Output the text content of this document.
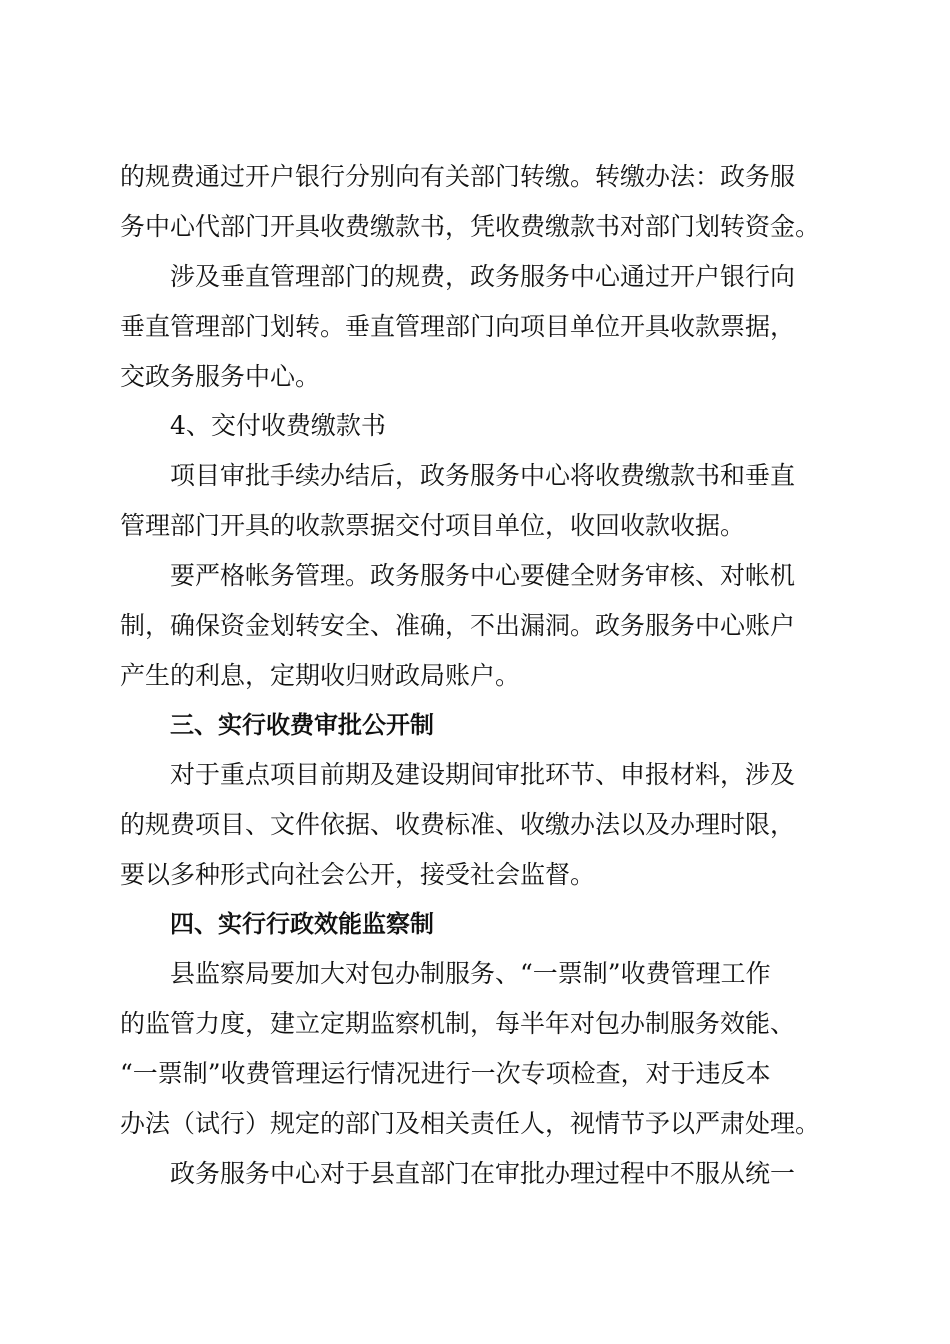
的规费通过开户银行分别向有关部门转缴。转缴办法：政务服
务中心代部门开具收费缴款书，凭收费缴款书对部门划转资金。
涉及垂直管理部门的规费，政务服务中心通过开户银行向
垂直管理部门划转。垂直管理部门向项目单位开具收款票据，
交政务服务中心。
4、交付收费缴款书
项目审批手续办结后，政务服务中心将收费缴款书和垂直
管理部门开具的收款票据交付项目单位，收回收款收据。
要严格帐务管理。政务服务中心要健全财务审核、对帐机
制，确保资金划转安全、准确，不出漏洞。政务服务中心账户
产生的利息，定期收归财政局账户。
三、实行收费审批公开制
对于重点项目前期及建设期间审批环节、申报材料，涉及
的规费项目、文件依据、收费标准、收缴办法以及办理时限，
要以多种形式向社会公开，接受社会监督。
四、实行行政效能监察制
县监察局要加大对包办制服务、“一票制”收费管理工作
的监管力度，建立定期监察机制，每半年对包办制服务效能、
“一票制”收费管理运行情况进行一次专项检查，对于违反本
办法（试行）规定的部门及相关责任人，视情节予以严肃处理。
政务服务中心对于县直部门在审批办理过程中不服从统一
